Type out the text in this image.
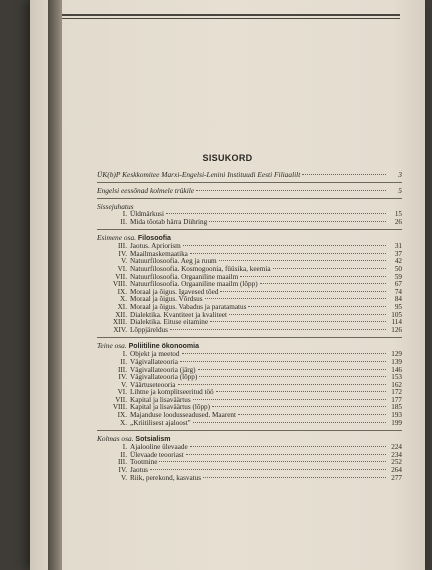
SISUKORD
ÜK(b)P Keskkomitee Marxi-Engelsi-Lenini Instituudi Eesti Filiaalilt	3
Engelsi eessõnad kolmele trükile	5
Sissejuhatus
I. Üldmärkusi	15
II. Mida tõotab härra Dühring	26
Esimene osa. Filosoofia
III. Jaotus. Apriorism	31
IV. Maailmaskemaatika	37
V. Natuurfilosoofia. Aeg ja ruum	42
VI. Natuurfilosoofia. Kosmogoonia, füüsika, keemia	50
VII. Natuurfilosoofia. Orgaaniline maailm	59
VIII. Natuurfilosoofia. Orgaaniline maailm (lõpp)	67
IX. Moraal ja õigus. Igavesed tõed	74
X. Moraal ja õigus. Võrdsus	84
XI. Moraal ja õigus. Vabadus ja paratamatus	95
XII. Dialektika. Kvantiteet ja kvaliteet	105
XIII. Dialektika. Eituse eitamine	114
XIV. Lõppjäreldus	126
Teine osa. Poliitiline ökonoomia
I. Objekt ja meetod	129
II. Vägivallateooria	139
III. Vägivallateooria (järg)	146
IV. Vägivallateooria (lõpp)	153
V. Väärtuseteooria	162
VI. Lihtne ja komplitseeritud töö	172
VII. Kapital ja lisaväärtus	177
VIII. Kapital ja lisaväärtus (lõpp)	185
IX. Majanduse loodusseadused. Maarent	193
X. „Kriitilisest ajaloost"	199
Kolmas osa. Sotsialism
I. Ajalooline ülevaade	224
II. Ülevaade teooriast	234
III. Tootmine	252
IV. Jaotus	264
V. Riik, perekond, kasvatus	277
